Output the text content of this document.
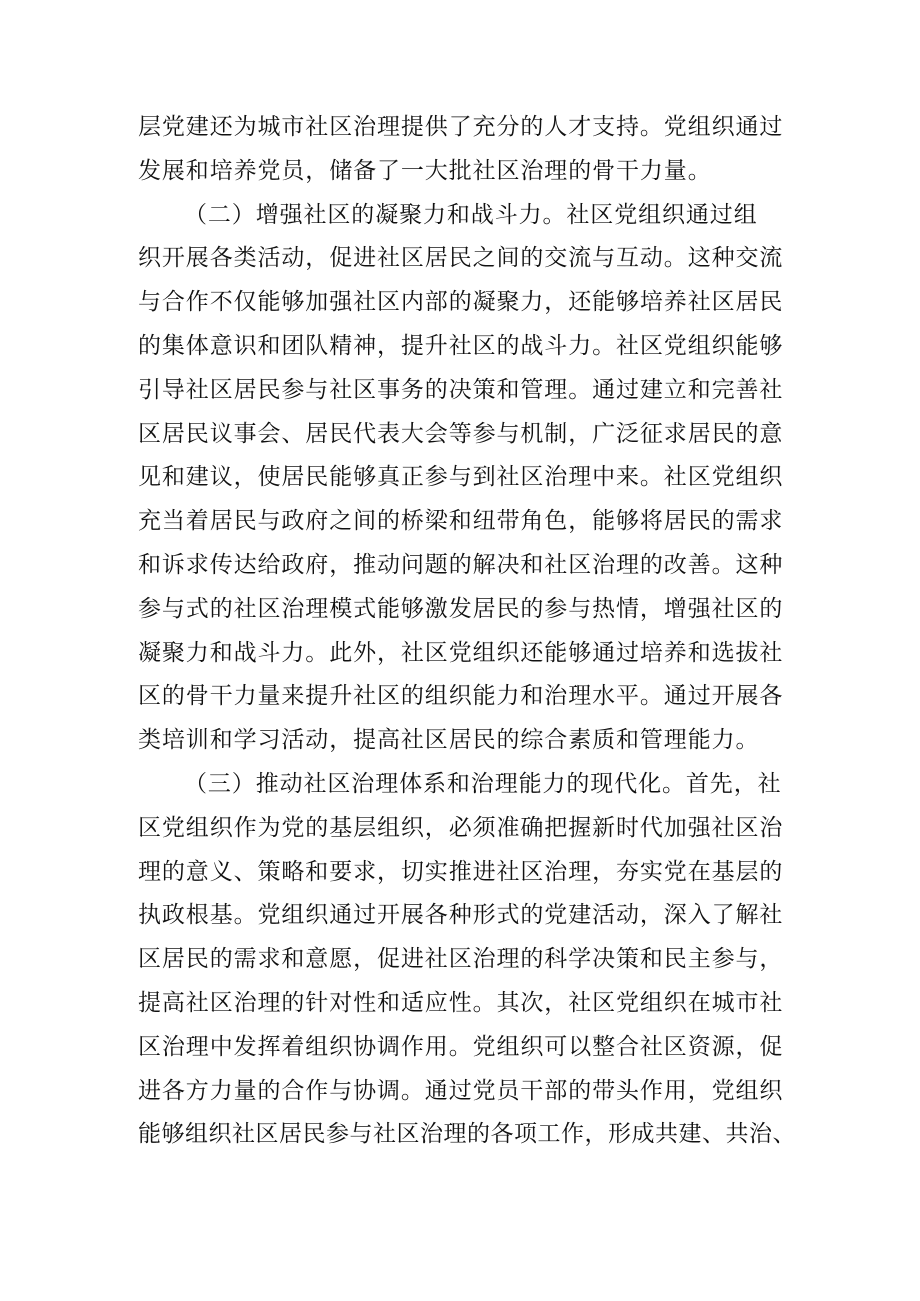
层党建还为城市社区治理提供了充分的人才支持。党组织通过
发展和培养党员，储备了一大批社区治理的骨干力量。
（二）增强社区的凝聚力和战斗力。社区党组织通过组
织开展各类活动，促进社区居民之间的交流与互动。这种交流
与合作不仅能够加强社区内部的凝聚力，还能够培养社区居民
的集体意识和团队精神，提升社区的战斗力。社区党组织能够
引导社区居民参与社区事务的决策和管理。通过建立和完善社
区居民议事会、居民代表大会等参与机制，广泛征求居民的意
见和建议，使居民能够真正参与到社区治理中来。社区党组织
充当着居民与政府之间的桥梁和纽带角色，能够将居民的需求
和诉求传达给政府，推动问题的解决和社区治理的改善。这种
参与式的社区治理模式能够激发居民的参与热情，增强社区的
凝聚力和战斗力。此外，社区党组织还能够通过培养和选拔社
区的骨干力量来提升社区的组织能力和治理水平。通过开展各
类培训和学习活动，提高社区居民的综合素质和管理能力。
（三）推动社区治理体系和治理能力的现代化。首先，社
区党组织作为党的基层组织，必须准确把握新时代加强社区治
理的意义、策略和要求，切实推进社区治理，夯实党在基层的
执政根基。党组织通过开展各种形式的党建活动，深入了解社
区居民的需求和意愿，促进社区治理的科学决策和民主参与，
提高社区治理的针对性和适应性。其次，社区党组织在城市社
区治理中发挥着组织协调作用。党组织可以整合社区资源，促
进各方力量的合作与协调。通过党员干部的带头作用，党组织
能够组织社区居民参与社区治理的各项工作，形成共建、共治、
